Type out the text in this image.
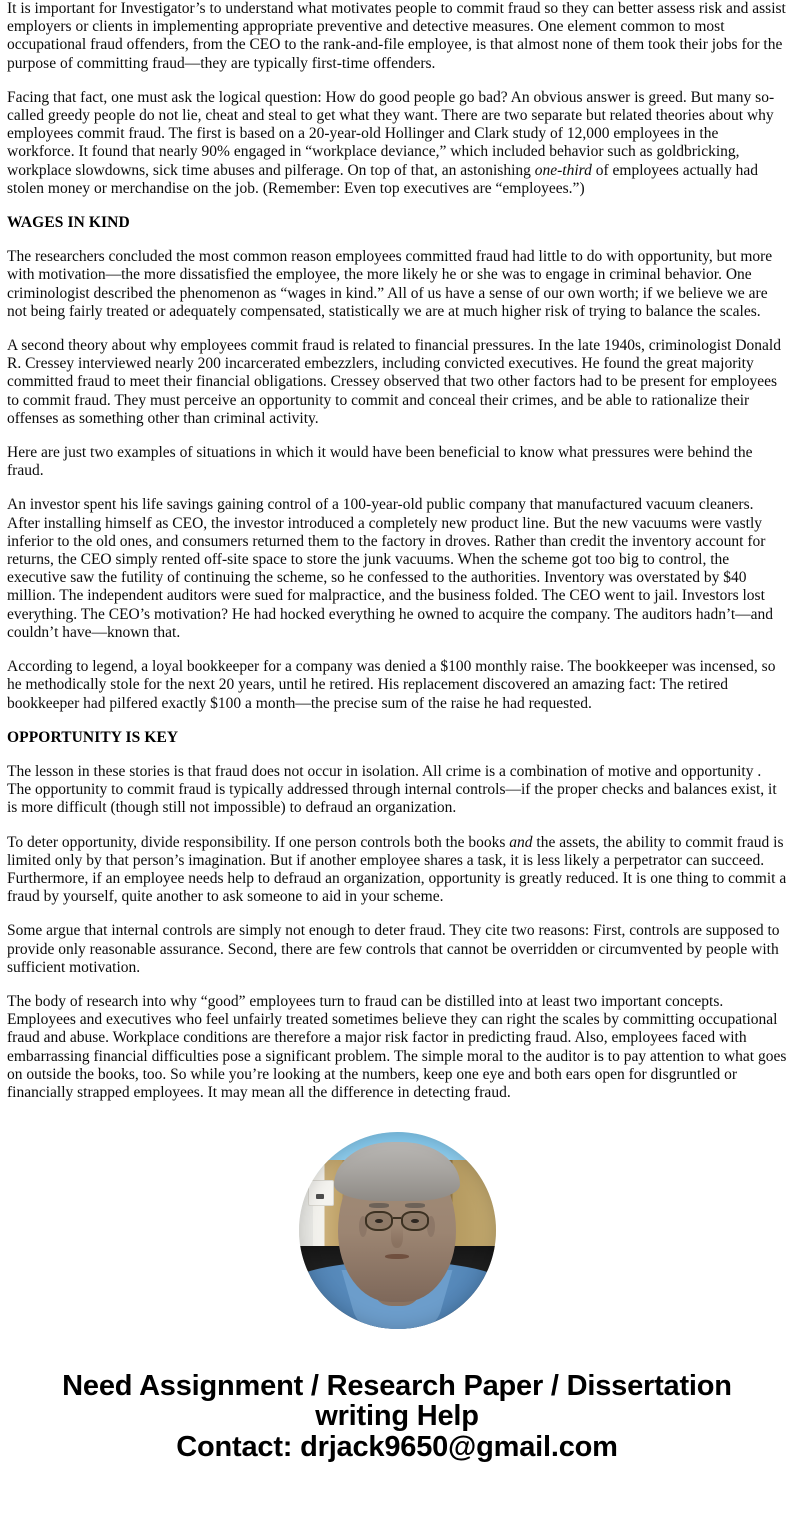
It is important for Investigator’s to understand what motivates people to commit fraud so they can better assess risk and assist employers or clients in implementing appropriate preventive and detective measures. One element common to most occupational fraud offenders, from the CEO to the rank-and-file employee, is that almost none of them took their jobs for the purpose of committing fraud—they are typically first-time offenders.

Facing that fact, one must ask the logical question: How do good people go bad? An obvious answer is greed. But many so-called greedy people do not lie, cheat and steal to get what they want. There are two separate but related theories about why employees commit fraud. The first is based on a 20-year-old Hollinger and Clark study of 12,000 employees in the workforce. It found that nearly 90% engaged in “workplace deviance,” which included behavior such as goldbricking, workplace slowdowns, sick time abuses and pilferage. On top of that, an astonishing one-third of employees actually had stolen money or merchandise on the job. (Remember: Even top executives are “employees.”)

WAGES IN KIND

The researchers concluded the most common reason employees committed fraud had little to do with opportunity, but more with motivation—the more dissatisfied the employee, the more likely he or she was to engage in criminal behavior. One criminologist described the phenomenon as “wages in kind.” All of us have a sense of our own worth; if we believe we are not being fairly treated or adequately compensated, statistically we are at much higher risk of trying to balance the scales.

A second theory about why employees commit fraud is related to financial pressures. In the late 1940s, criminologist Donald R. Cressey interviewed nearly 200 incarcerated embezzlers, including convicted executives. He found the great majority committed fraud to meet their financial obligations. Cressey observed that two other factors had to be present for employees to commit fraud. They must perceive an opportunity to commit and conceal their crimes, and be able to rationalize their offenses as something other than criminal activity.

Here are just two examples of situations in which it would have been beneficial to know what pressures were behind the fraud.

An investor spent his life savings gaining control of a 100-year-old public company that manufactured vacuum cleaners. After installing himself as CEO, the investor introduced a completely new product line. But the new vacuums were vastly inferior to the old ones, and consumers returned them to the factory in droves. Rather than credit the inventory account for returns, the CEO simply rented off-site space to store the junk vacuums. When the scheme got too big to control, the executive saw the futility of continuing the scheme, so he confessed to the authorities. Inventory was overstated by $40 million. The independent auditors were sued for malpractice, and the business folded. The CEO went to jail. Investors lost everything. The CEO’s motivation? He had hocked everything he owned to acquire the company. The auditors hadn’t—and couldn’t have—known that.

According to legend, a loyal bookkeeper for a company was denied a $100 monthly raise. The bookkeeper was incensed, so he methodically stole for the next 20 years, until he retired. His replacement discovered an amazing fact: The retired bookkeeper had pilfered exactly $100 a month—the precise sum of the raise he had requested.

OPPORTUNITY IS KEY

The lesson in these stories is that fraud does not occur in isolation. All crime is a combination of motive and opportunity . The opportunity to commit fraud is typically addressed through internal controls—if the proper checks and balances exist, it is more difficult (though still not impossible) to defraud an organization.

To deter opportunity, divide responsibility. If one person controls both the books and the assets, the ability to commit fraud is limited only by that person’s imagination. But if another employee shares a task, it is less likely a perpetrator can succeed. Furthermore, if an employee needs help to defraud an organization, opportunity is greatly reduced. It is one thing to commit a fraud by yourself, quite another to ask someone to aid in your scheme.

Some argue that internal controls are simply not enough to deter fraud. They cite two reasons: First, controls are supposed to provide only reasonable assurance. Second, there are few controls that cannot be overridden or circumvented by people with sufficient motivation.

The body of research into why “good” employees turn to fraud can be distilled into at least two important concepts. Employees and executives who feel unfairly treated sometimes believe they can right the scales by committing occupational fraud and abuse. Workplace conditions are therefore a major risk factor in predicting fraud. Also, employees faced with embarrassing financial difficulties pose a significant problem. The simple moral to the auditor is to pay attention to what goes on outside the books, too. So while you’re looking at the numbers, keep one eye and both ears open for disgruntled or financially strapped employees. It may mean all the difference in detecting fraud.

Need Assignment / Research Paper / Dissertation
writing Help
Contact: drjack9650@gmail.com
